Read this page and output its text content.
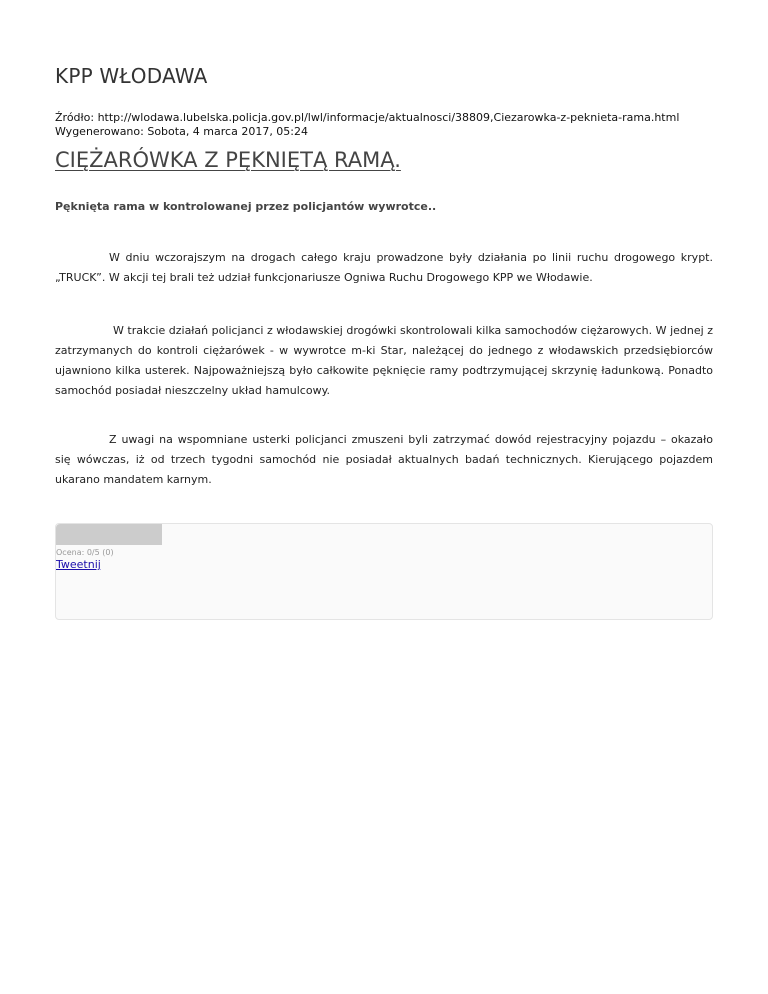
KPP WŁODAWA
Źródło: http://wlodawa.lubelska.policja.gov.pl/lwl/informacje/aktualnosci/38809,Ciezarowka-z-peknieta-rama.html
Wygenerowano: Sobota, 4 marca 2017, 05:24
CIĘŻARÓWKA Z PĘKNIĘTĄ RAMĄ.
Pęknięta rama w kontrolowanej przez policjantów wywrotce..

W dniu wczorajszym na drogach całego kraju prowadzone były działania po linii ruchu drogowego krypt. „TRUCK”. W akcji tej brali też udział funkcjonariusze Ogniwa Ruchu Drogowego KPP we Włodawie.

W trakcie działań policjanci z włodawskiej drogówki skontrolowali kilka samochodów ciężarowych. W jednej z zatrzymanych do kontroli ciężarówek - w wywrotce m-ki Star, należącej do jednego z włodawskich przedsiębiorców ujawniono kilka usterek. Najpoważniejszą było całkowite pęknięcie ramy podtrzymującej skrzynię ładunkową. Ponadto samochód posiadał nieszczelny układ hamulcowy.

Z uwagi na wspomniane usterki policjanci zmuszeni byli zatrzymać dowód rejestracyjny pojazdu – okazało się wówczas, iż od trzech tygodni samochód nie posiadał aktualnych badań technicznych. Kierującego pojazdem ukarano mandatem karnym.

Ocena: 0/5 (0)
Tweetnij
